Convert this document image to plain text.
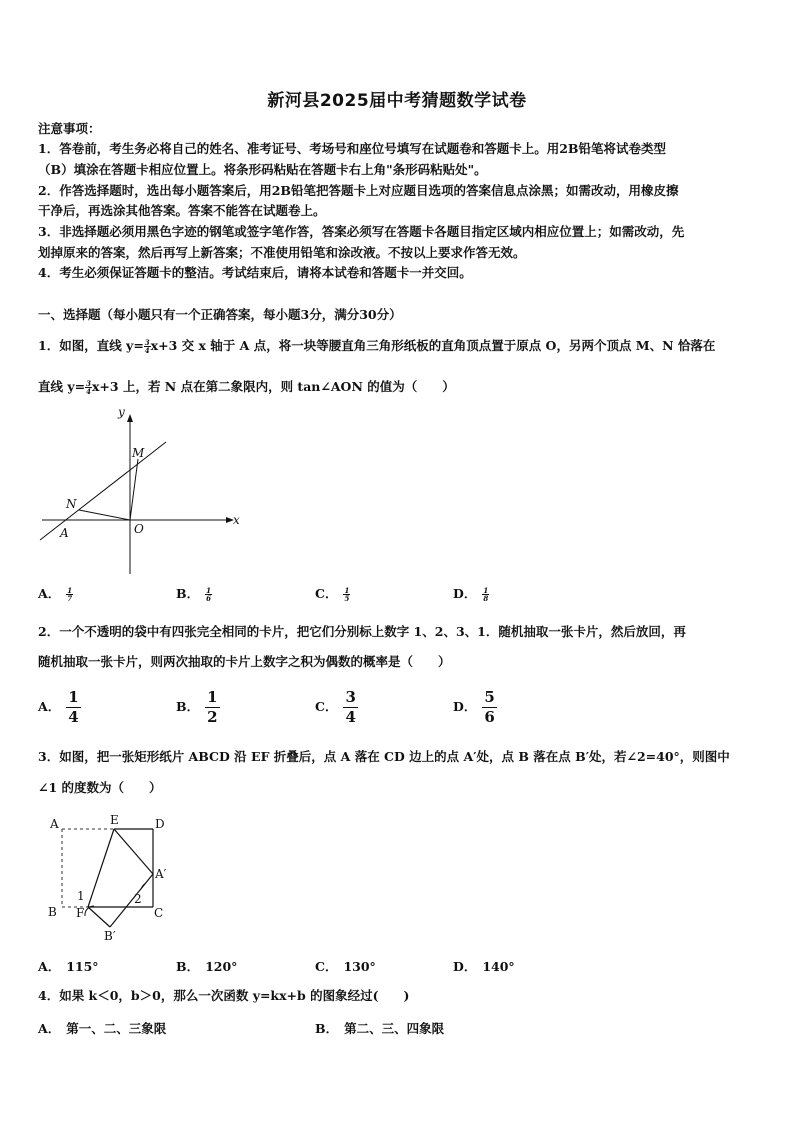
新河县2025届中考猜题数学试卷
注意事项：
1．答卷前，考生务必将自己的姓名、准考证号、考场号和座位号填写在试题卷和答题卡上。用2B铅笔将试卷类型
（B）填涂在答题卡相应位置上。将条形码粘贴在答题卡右上角"条形码粘贴处"。
2．作答选择题时，选出每小题答案后，用2B铅笔把答题卡上对应题目选项的答案信息点涂黑；如需改动，用橡皮擦
干净后，再选涂其他答案。答案不能答在试题卷上。
3．非选择题必须用黑色字迹的钢笔或签字笔作答，答案必须写在答题卡各题目指定区域内相应位置上；如需改动，先
划掉原来的答案，然后再写上新答案；不准使用铅笔和涂改液。不按以上要求作答无效。
4．考生必须保证答题卡的整洁。考试结束后，请将本试卷和答题卡一并交回。
一、选择题（每小题只有一个正确答案，每小题3分，满分30分）
1．如图，直线 $y= \frac{3}{4} x+3$ 交 x 轴于 A 点，将一块等腰直角三角形纸板的直角顶点置于原点 O，另两个顶点 M、N 恰落在
直线 $y= \frac{3}{4} x+3$ 上，若 N 点在第二象限内，则 tan∠AON 的值为（　　）
y
x
M
N
O
A
A． $\frac{1}{7}$	B． $\frac{1}{6}$	C． $\frac{1}{5}$	D． $\frac{1}{8}$
2．一个不透明的袋中有四张完全相同的卡片，把它们分别标上数字 1、2、3、1．随机抽取一张卡片，然后放回，再
随机抽取一张卡片，则两次抽取的卡片上数字之积为偶数的概率是（　　）
A． $\frac{1}{4}$	B． $\frac{1}{2}$	C． $\frac{3}{4}$	D． $\frac{5}{6}$
3．如图，把一张矩形纸片 ABCD 沿 EF 折叠后，点 A 落在 CD 边上的点 A′处，点 B 落在点 B′处，若∠2=40°，则图中
∠1 的度数为（　　）
A	E	D
A′
B F	C
B′
1	2
A． 115°	B． 120°	C． 130°	D． 140°
4．如果 k＜0，b＞0，那么一次函数 y=kx+b 的图象经过(　　)
A． 第一、二、三象限	B． 第二、三、四象限
